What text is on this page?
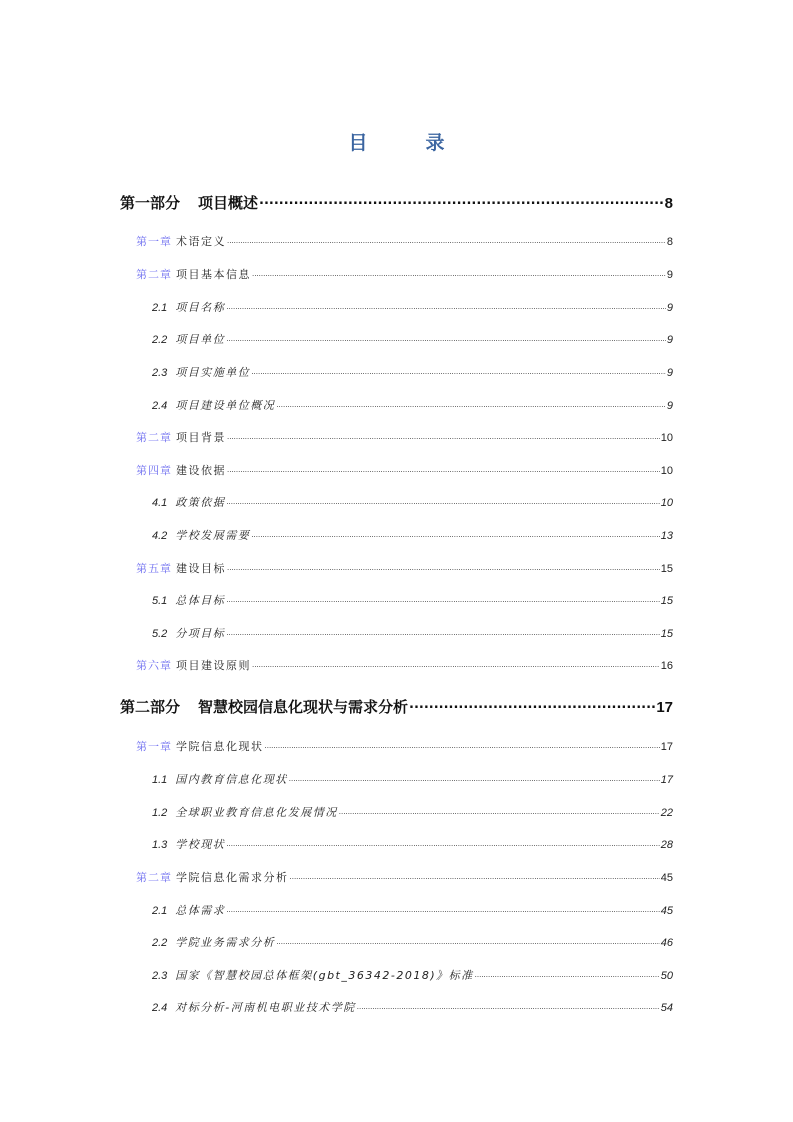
目	录
第一部分 项目概述 .....	8
第一章 术语定义 .....	8
第二章 项目基本信息 .....	9
2.1 项目名称 .....	9
2.2 项目单位 .....	9
2.3 项目实施单位 .....	9
2.4 项目建设单位概况 .....	9
第二章 项目背景 .....	10
第四章 建设依据 .....	10
4.1 政策依据 .....	10
4.2 学校发展需要 .....	13
第五章 建设目标 .....	15
5.1 总体目标 .....	15
5.2 分项目标 .....	15
第六章 项目建设原则 .....	16
第二部分 智慧校园信息化现状与需求分析 .....	17
第一章 学院信息化现状 .....	17
1.1 国内教育信息化现状 .....	17
1.2 全球职业教育信息化发展情况 .....	22
1.3 学校现状 .....	28
第二章 学院信息化需求分析 .....	45
2.1 总体需求 .....	45
2.2 学院业务需求分析 .....	46
2.3 国家《智慧校园总体框架(gbt_36342-2018)》标准 .....	50
2.4 对标分析-河南机电职业技术学院 .....	54
